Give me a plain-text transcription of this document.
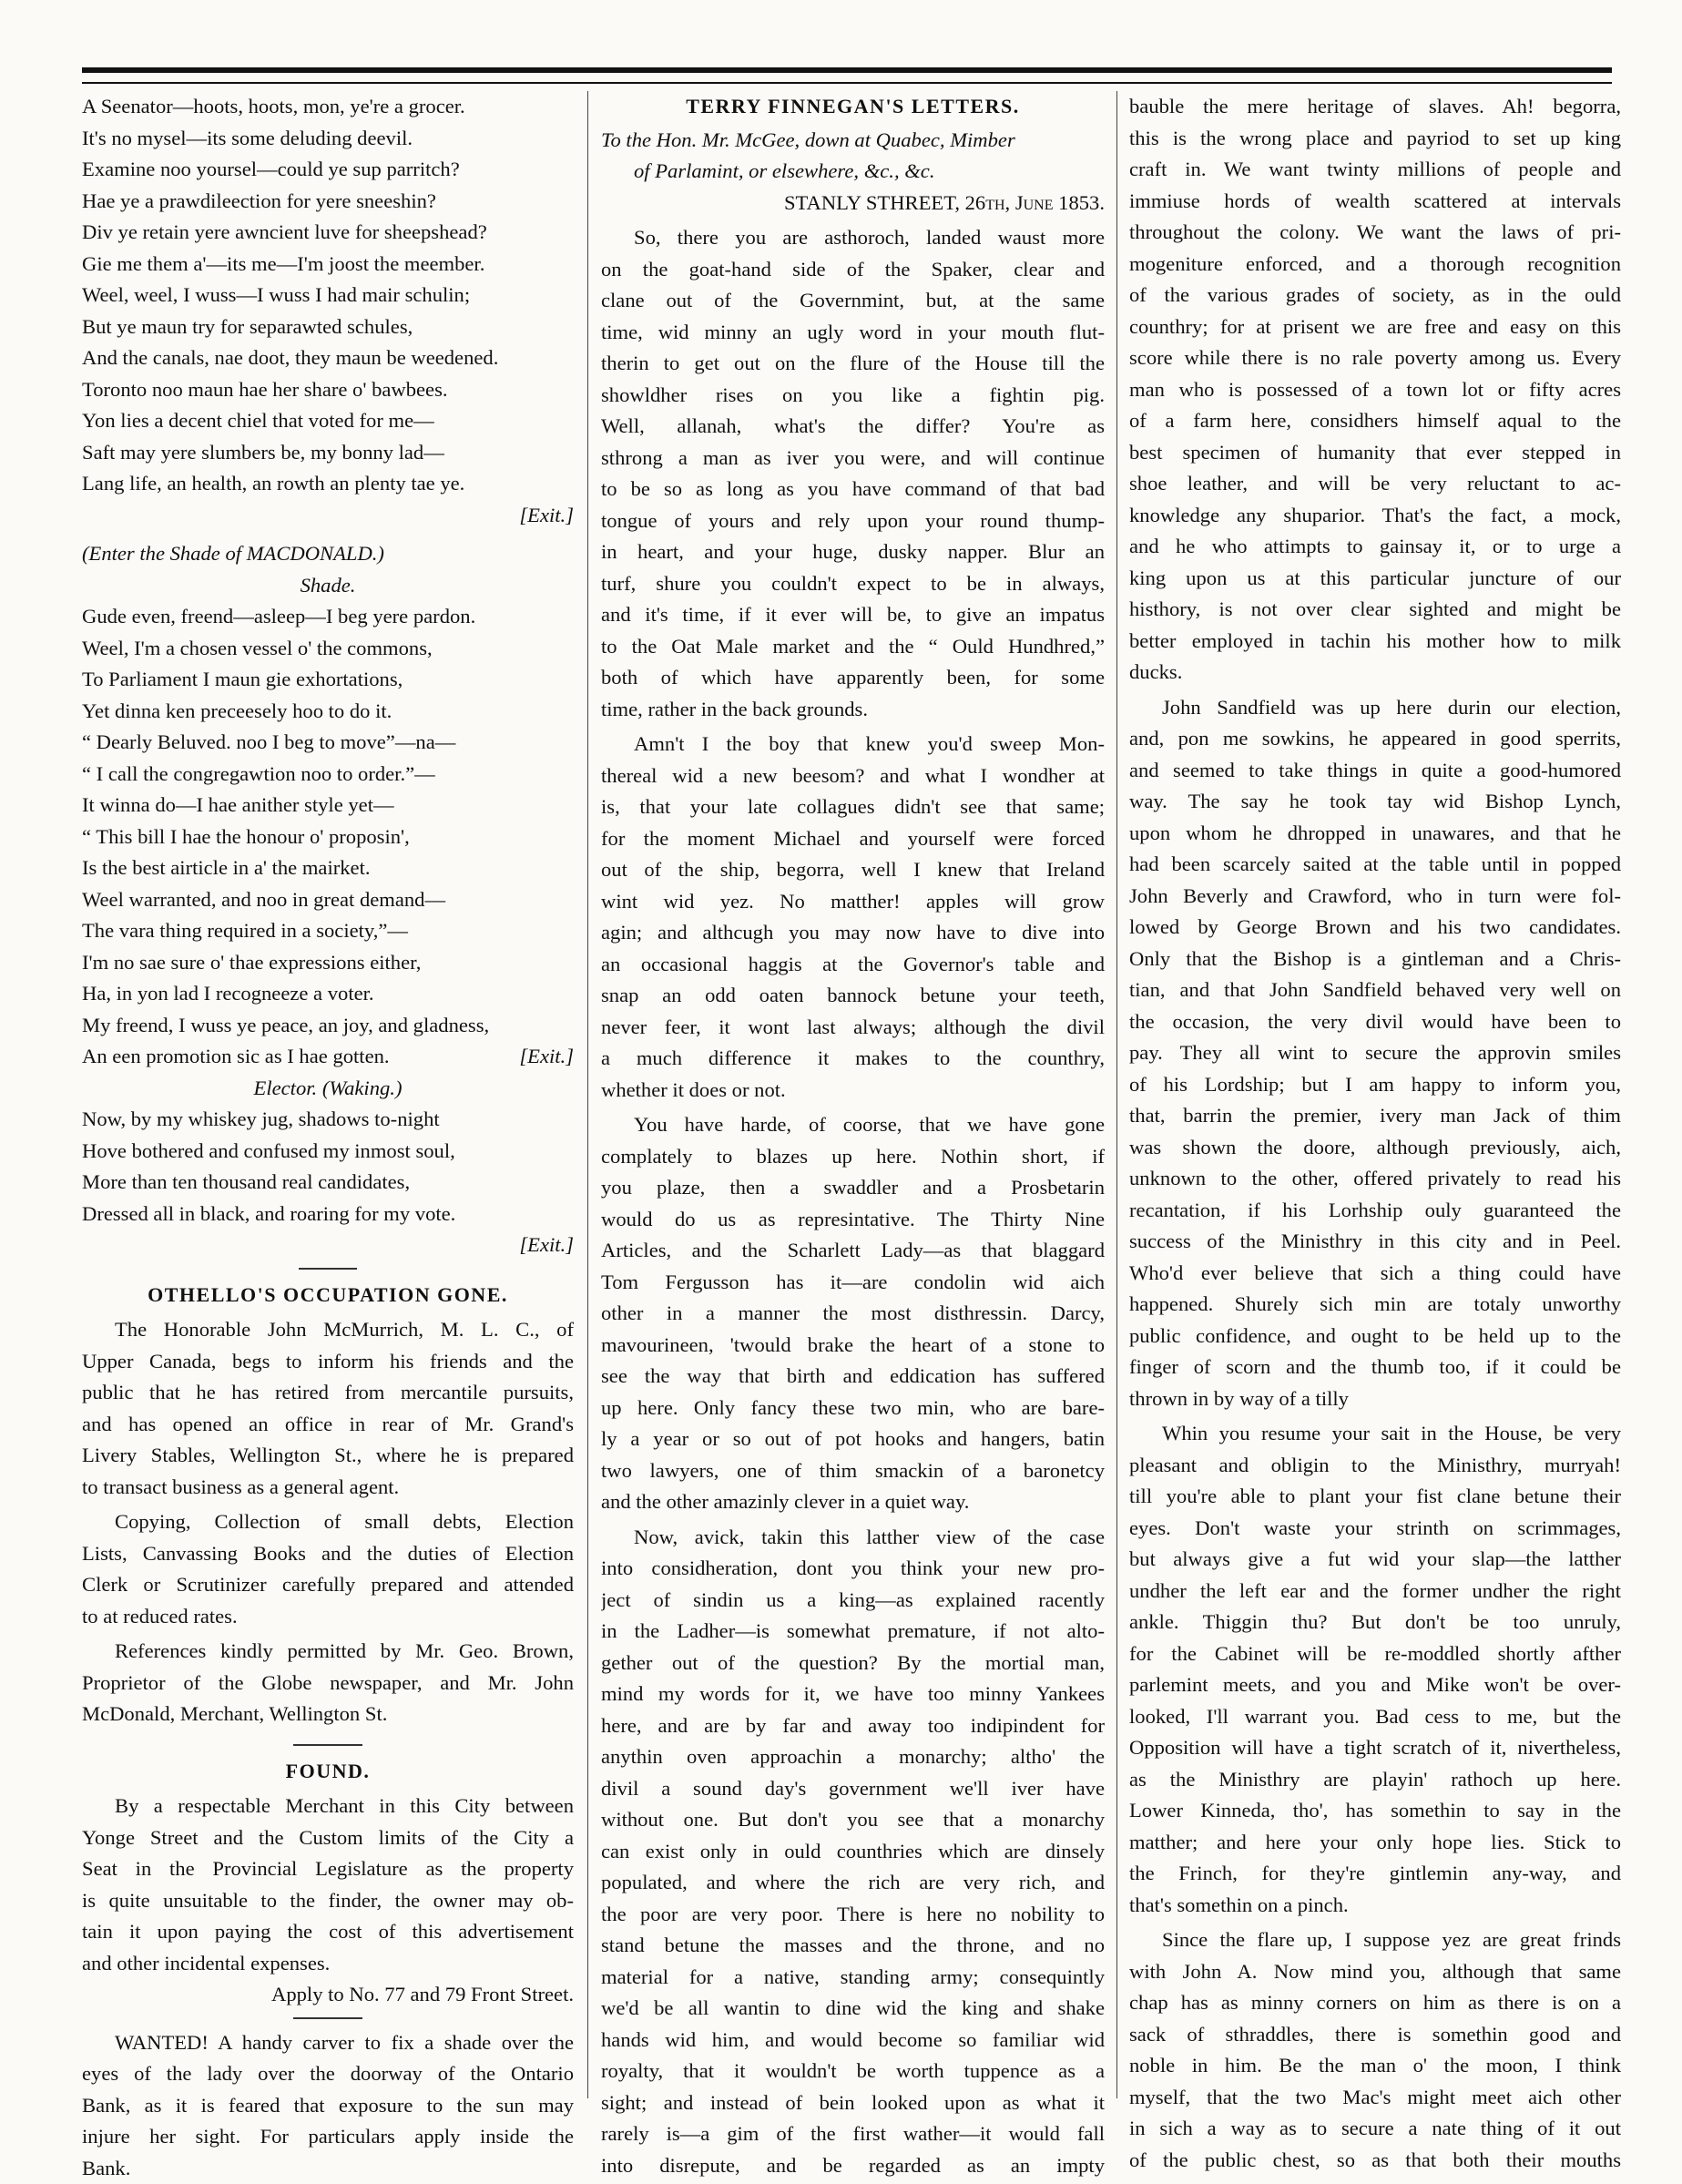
A Seenator—hoots, hoots, mon, ye're a grocer.
It's no mysel—its some deluding deevil.
Examine noo yoursel—could ye sup parritch?
Hae ye a prawdileection for yere sneeshin?
Div ye retain yere awncient luve for sheepshead?
Gie me them a'—its me—I'm joost the meember.
Weel, weel, I wuss—I wuss I had mair schulin;
But ye maun try for separawted schules,
And the canals, nae doot, they maun be weedened.
Toronto noo maun hae her share o' bawbees.
Yon lies a decent chiel that voted for me—
Saft may yere slumbers be, my bonny lad—
Lang life, an health, an rowth an plenty tae ye.
[Exit.]
(Enter the Shade of MACDONALD.)
Shade.
Gude even, freend—asleep—I beg yere pardon.
Weel, I'm a chosen vessel o' the commons,
To Parliament I maun gie exhortations,
Yet dinna ken preceesely hoo to do it.
“ Dearly Beluved. noo I beg to move”—na—
“ I call the congregawtion noo to order.”—
It winna do—I hae anither style yet—
“ This bill I hae the honour o' proposin',
Is the best airticle in a' the mairket.
Weel warranted, and noo in great demand—
The vara thing required in a society,”—
I'm no sae sure o' thae expressions either,
Ha, in yon lad I recogneeze a voter.
My freend, I wuss ye peace, an joy, and gladness,
An een promotion sic as I hae gotten.	[Exit.]
Elector. (Waking.)
Now, by my whiskey jug, shadows to-night
Hove bothered and confused my inmost soul,
More than ten thousand real candidates,
Dressed all in black, and roaring for my vote.
[Exit.]
OTHELLO'S OCCUPATION GONE.
The Honorable John McMurrich, M. L. C., of
Upper Canada, begs to inform his friends and the
public that he has retired from mercantile pursuits,
and has opened an office in rear of Mr. Grand's
Livery Stables, Wellington St., where he is prepared
to transact business as a general agent.
Copying, Collection of small debts, Election
Lists, Canvassing Books and the duties of Election
Clerk or Scrutinizer carefully prepared and attended
to at reduced rates.
References kindly permitted by Mr. Geo. Brown,
Proprietor of the Globe newspaper, and Mr. John
McDonald, Merchant, Wellington St.
FOUND.
By a respectable Merchant in this City between
Yonge Street and the Custom limits of the City a
Seat in the Provincial Legislature as the property
is quite unsuitable to the finder, the owner may ob-
tain it upon paying the cost of this advertisement
and other incidental expenses.
Apply to No. 77 and 79 Front Street.
WANTED! A handy carver to fix a shade over the
eyes of the lady over the doorway of the Ontario
Bank, as it is feared that exposure to the sun may
injure her sight. For particulars apply inside the
Bank.
TERRY FINNEGAN'S LETTERS.
To the Hon. Mr. McGee, down at Quabec, Mimber
of Parlamint, or elsewhere, &c., &c.
STANLY STHREET, 26th, June 1853.
So, there you are asthoroch, landed waust more
on the goat-hand side of the Spaker, clear and
clane out of the Governmint, but, at the same
time, wid minny an ugly word in your mouth flut-
therin to get out on the flure of the House till the
showldher rises on you like a fightin pig.
Well, allanah, what's the differ? You're as
sthrong a man as iver you were, and will continue
to be so as long as you have command of that bad
tongue of yours and rely upon your round thump-
in heart, and your huge, dusky napper. Blur an
turf, shure you couldn't expect to be in always,
and it's time, if it ever will be, to give an impatus
to the Oat Male market and the “ Ould Hundhred,”
both of which have apparently been, for some
time, rather in the back grounds.
Amn't I the boy that knew you'd sweep Mon-
thereal wid a new beesom? and what I wondher at
is, that your late collagues didn't see that same;
for the moment Michael and yourself were forced
out of the ship, begorra, well I knew that Ireland
wint wid yez. No matther! apples will grow
agin; and althcugh you may now have to dive into
an occasional haggis at the Governor's table and
snap an odd oaten bannock betune your teeth,
never feer, it wont last always; although the divil
a much difference it makes to the counthry,
whether it does or not.
You have harde, of coorse, that we have gone
complately to blazes up here. Nothin short, if
you plaze, then a swaddler and a Prosbetarin
would do us as represintative. The Thirty Nine
Articles, and the Scharlett Lady—as that blaggard
Tom Fergusson has it—are condolin wid aich
other in a manner the most disthressin. Darcy,
mavourineen, 'twould brake the heart of a stone to
see the way that birth and eddication has suffered
up here. Only fancy these two min, who are bare-
ly a year or so out of pot hooks and hangers, batin
two lawyers, one of thim smackin of a baronetcy
and the other amazinly clever in a quiet way.
Now, avick, takin this latther view of the case
into considheration, dont you think your new pro-
ject of sindin us a king—as explained racently
in the Ladher—is somewhat premature, if not alto-
gether out of the question? By the mortial man,
mind my words for it, we have too minny Yankees
here, and are by far and away too indipindent for
anythin oven approachin a monarchy; altho' the
divil a sound day's government we'll iver have
without one. But don't you see that a monarchy
can exist only in ould counthries which are dinsely
populated, and where the rich are very rich, and
the poor are very poor. There is here no nobility to
stand betune the masses and the throne, and no
material for a native, standing army; consequintly
we'd be all wantin to dine wid the king and shake
hands wid him, and would become so familiar wid
royalty, that it wouldn't be worth tuppence as a
sight; and instead of bein looked upon as what it
rarely is—a gim of the first wather—it would fall
into disrepute, and be regarded as an impty
bauble the mere heritage of slaves. Ah! begorra,
this is the wrong place and payriod to set up king
craft in. We want twinty millions of people and
immiuse hords of wealth scattered at intervals
throughout the colony. We want the laws of pri-
mogeniture enforced, and a thorough recognition
of the various grades of society, as in the ould
counthry; for at prisent we are free and easy on this
score while there is no rale poverty among us. Every
man who is possessed of a town lot or fifty acres
of a farm here, considhers himself aqual to the
best specimen of humanity that ever stepped in
shoe leather, and will be very reluctant to ac-
knowledge any shuparior. That's the fact, a mock,
and he who attimpts to gainsay it, or to urge a
king upon us at this particular juncture of our
histhory, is not over clear sighted and might be
better employed in tachin his mother how to milk
ducks.
John Sandfield was up here durin our election,
and, pon me sowkins, he appeared in good sperrits,
and seemed to take things in quite a good-humored
way. The say he took tay wid Bishop Lynch,
upon whom he dhropped in unawares, and that he
had been scarcely saited at the table until in popped
John Beverly and Crawford, who in turn were fol-
lowed by George Brown and his two candidates.
Only that the Bishop is a gintleman and a Chris-
tian, and that John Sandfield behaved very well on
the occasion, the very divil would have been to
pay. They all wint to secure the approvin smiles
of his Lordship; but I am happy to inform you,
that, barrin the premier, ivery man Jack of thim
was shown the doore, although previously, aich,
unknown to the other, offered privately to read his
recantation, if his Lorhship ouly guaranteed the
success of the Ministhry in this city and in Peel.
Who'd ever believe that sich a thing could have
happened. Shurely sich min are totaly unworthy
public confidence, and ought to be held up to the
finger of scorn and the thumb too, if it could be
thrown in by way of a tilly
Whin you resume your sait in the House, be very
pleasant and obligin to the Ministhry, murryah!
till you're able to plant your fist clane betune their
eyes. Don't waste your strinth on scrimmages,
but always give a fut wid your slap—the latther
undher the left ear and the former undher the right
ankle. Thiggin thu? But don't be too unruly,
for the Cabinet will be re-moddled shortly afther
parlemint meets, and you and Mike won't be over-
looked, I'll warrant you. Bad cess to me, but the
Opposition will have a tight scratch of it, nivertheless,
as the Ministhry are playin' rathoch up here.
Lower Kinneda, tho', has somethin to say in the
matther; and here your only hope lies. Stick to
the Frinch, for they're gintlemin any-way, and
that's somethin on a pinch.
Since the flare up, I suppose yez are great frinds
with John A. Now mind you, although that same
chap has as minny corners on him as there is on a
sack of sthraddles, there is somethin good and
noble in him. Be the man o' the moon, I think
myself, that the two Mac's might meet aich other
in sich a way as to secure a nate thing of it out
of the public chest, so as that both their mouths
